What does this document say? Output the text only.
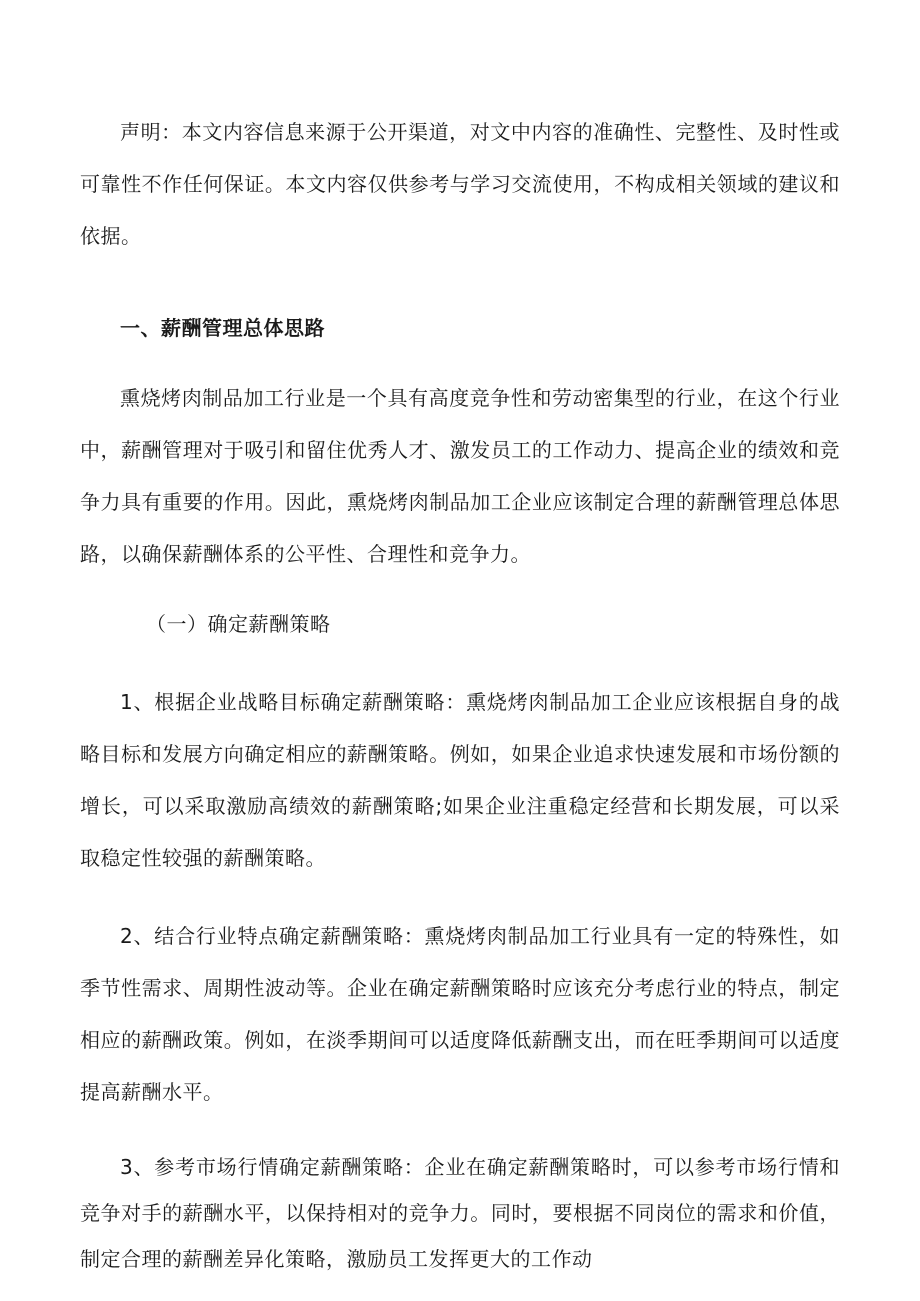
声明：本文内容信息来源于公开渠道，对文中内容的准确性、完整性、及时性或可靠性不作任何保证。本文内容仅供参考与学习交流使用，不构成相关领域的建议和依据。

一、薪酬管理总体思路

熏烧烤肉制品加工行业是一个具有高度竞争性和劳动密集型的行业，在这个行业中，薪酬管理对于吸引和留住优秀人才、激发员工的工作动力、提高企业的绩效和竞争力具有重要的作用。因此，熏烧烤肉制品加工企业应该制定合理的薪酬管理总体思路，以确保薪酬体系的公平性、合理性和竞争力。

（一）确定薪酬策略

1、根据企业战略目标确定薪酬策略：熏烧烤肉制品加工企业应该根据自身的战略目标和发展方向确定相应的薪酬策略。例如，如果企业追求快速发展和市场份额的增长，可以采取激励高绩效的薪酬策略;如果企业注重稳定经营和长期发展，可以采取稳定性较强的薪酬策略。

2、结合行业特点确定薪酬策略：熏烧烤肉制品加工行业具有一定的特殊性，如季节性需求、周期性波动等。企业在确定薪酬策略时应该充分考虑行业的特点，制定相应的薪酬政策。例如，在淡季期间可以适度降低薪酬支出，而在旺季期间可以适度提高薪酬水平。

3、参考市场行情确定薪酬策略：企业在确定薪酬策略时，可以参考市场行情和竞争对手的薪酬水平，以保持相对的竞争力。同时，要根据不同岗位的需求和价值，制定合理的薪酬差异化策略，激励员工发挥更大的工作动
